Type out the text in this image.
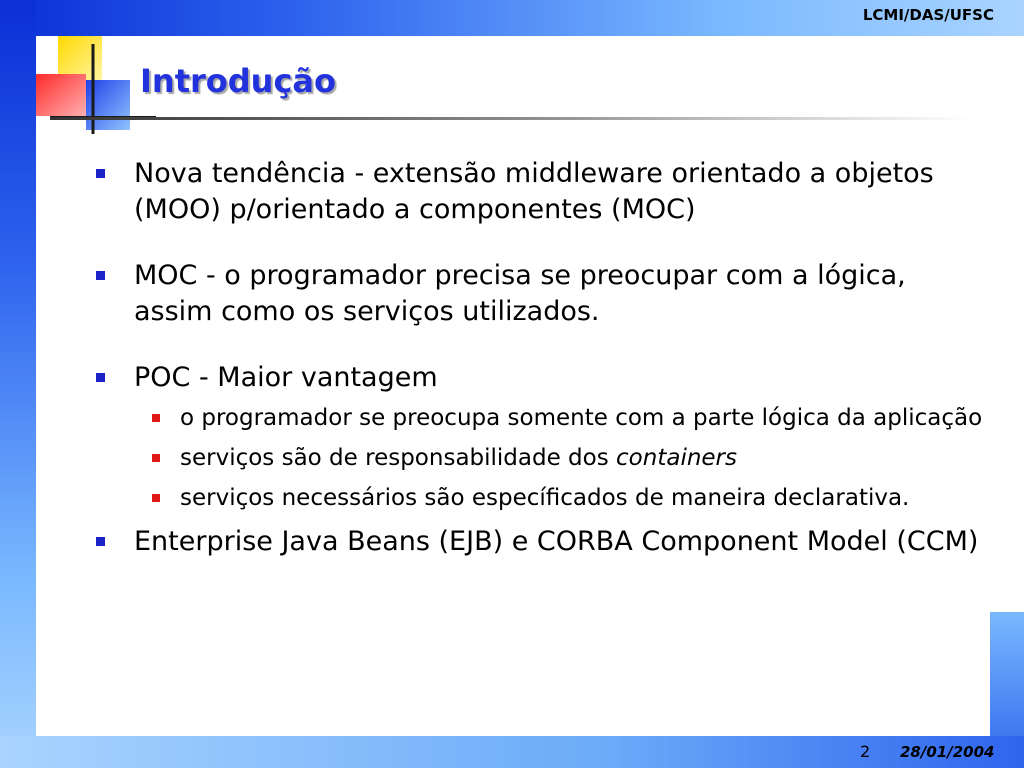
LCMI/DAS/UFSC
Introdução
Nova tendência - extensão middleware orientado a objetos (MOO) p/orientado a componentes (MOC)
MOC - o programador precisa se preocupar com a lógica, assim como os serviços utilizados.
POC - Maior vantagem
o programador se preocupa somente com a parte lógica da aplicação
serviços são de responsabilidade dos containers
serviços necessários são específicados de maneira declarativa.
Enterprise Java Beans (EJB) e CORBA Component Model (CCM)
2 28/01/2004
